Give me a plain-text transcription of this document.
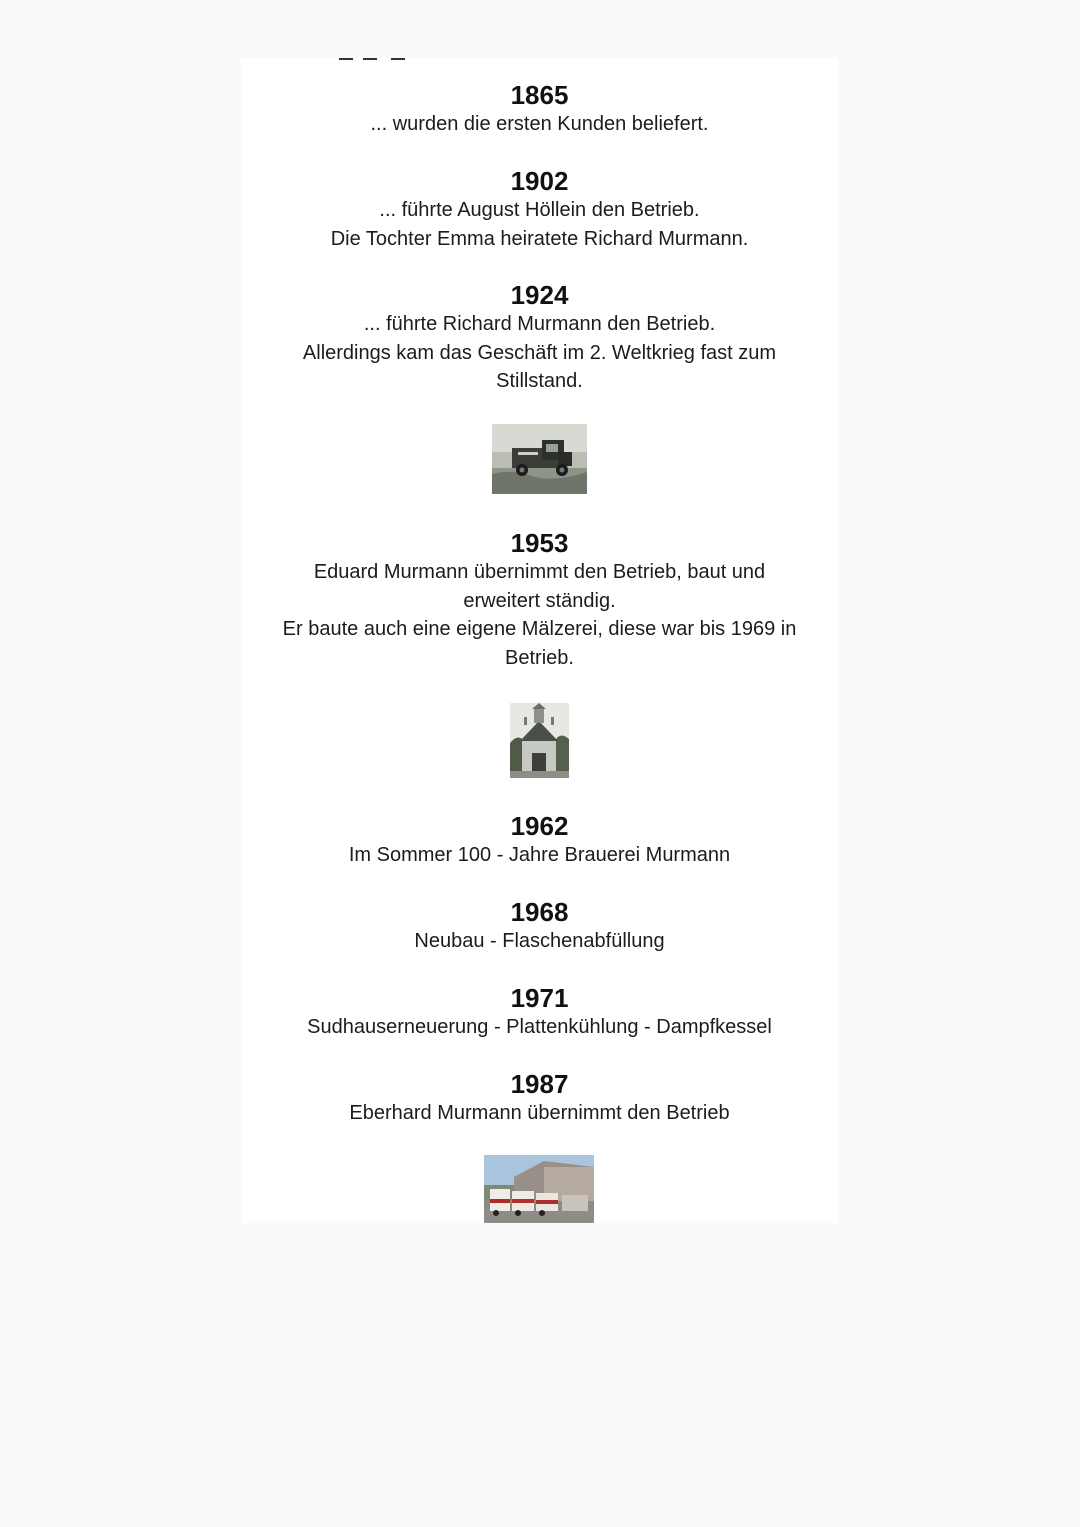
1865
... wurden die ersten Kunden beliefert.
1902
... führte August Höllein den Betrieb.
Die Tochter Emma heiratete Richard Murmann.
1924
... führte Richard Murmann den Betrieb.
Allerdings kam das Geschäft im 2. Weltkrieg fast zum
Stillstand.
1953
Eduard Murmann übernimmt den Betrieb, baut und
erweitert ständig.
Er baute auch eine eigene Mälzerei, diese war bis 1969 in
Betrieb.
1962
Im Sommer 100 - Jahre Brauerei Murmann
1968
Neubau - Flaschenabfüllung
1971
Sudhauserneuerung - Plattenkühlung - Dampfkessel
1987
Eberhard Murmann übernimmt den Betrieb
